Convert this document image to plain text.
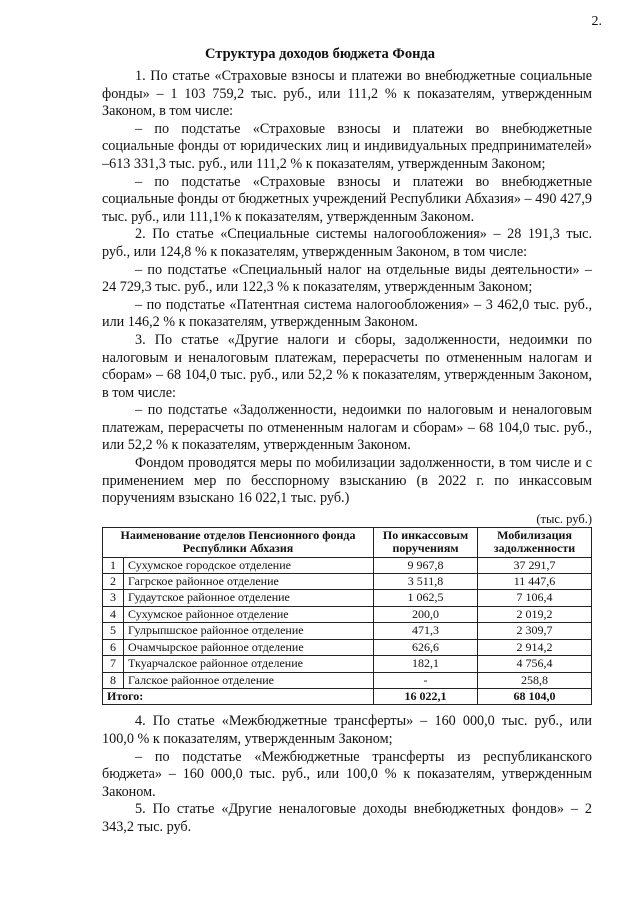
2.
Структура доходов бюджета Фонда

1. По статье «Страховые взносы и платежи во внебюджетные социальные фонды» – 1 103 759,2 тыс. руб., или 111,2 % к показателям, утвержденным Законом, в том числе:

– по подстатье «Страховые взносы и платежи во внебюджетные социальные фонды от юридических лиц и индивидуальных предпринимателей» –613 331,3 тыс. руб., или 111,2 % к показателям, утвержденным Законом;

– по подстатье «Страховые взносы и платежи во внебюджетные социальные фонды от бюджетных учреждений Республики Абхазия» – 490 427,9 тыс. руб., или 111,1% к показателям, утвержденным Законом.

2. По статье «Специальные системы налогообложения» – 28 191,3 тыс. руб., или 124,8 % к показателям, утвержденным Законом, в том числе:

– по подстатье «Специальный налог на отдельные виды деятельности» – 24 729,3 тыс. руб., или 122,3 % к показателям, утвержденным Законом;

– по подстатье «Патентная система налогообложения» – 3 462,0 тыс. руб., или 146,2 % к показателям, утвержденным Законом.

3. По статье «Другие налоги и сборы, задолженности, недоимки по налоговым и неналоговым платежам, перерасчеты по отмененным налогам и сборам» – 68 104,0 тыс. руб., или 52,2 % к показателям, утвержденным Законом, в том числе:

– по подстатье «Задолженности, недоимки по налоговым и неналоговым платежам, перерасчеты по отмененным налогам и сборам» – 68 104,0 тыс. руб., или 52,2 % к показателям, утвержденным Законом.

Фондом проводятся меры по мобилизации задолженности, в том числе и с применением мер по бесспорному взысканию (в 2022 г. по инкассовым поручениям взыскано 16 022,1 тыс. руб.)

(тыс. руб.)
Наименование отделов Пенсионного фонда Республики Абхазия		По инкассовым поручениям	Мобилизация задолженности
1	Сухумское городское отделение	9 967,8	37 291,7
2	Гагрское районное отделение	3 511,8	11 447,6
3	Гудаутское районное отделение	1 062,5	7 106,4
4	Сухумское районное отделение	200,0	2 019,2
5	Гулрыпшское районное отделение	471,3	2 309,7
6	Очамчырское районное отделение	626,6	2 914,2
7	Ткуарчалское районное отделение	182,1	4 756,4
8	Галское районное отделение	-	258,8
Итого:		16 022,1	68 104,0

4. По статье «Межбюджетные трансферты» – 160 000,0 тыс. руб., или 100,0 % к показателям, утвержденным Законом;

– по подстатье «Межбюджетные трансферты из республиканского бюджета» – 160 000,0 тыс. руб., или 100,0 % к показателям, утвержденным Законом.

5. По статье «Другие неналоговые доходы внебюджетных фондов» – 2 343,2 тыс. руб.
